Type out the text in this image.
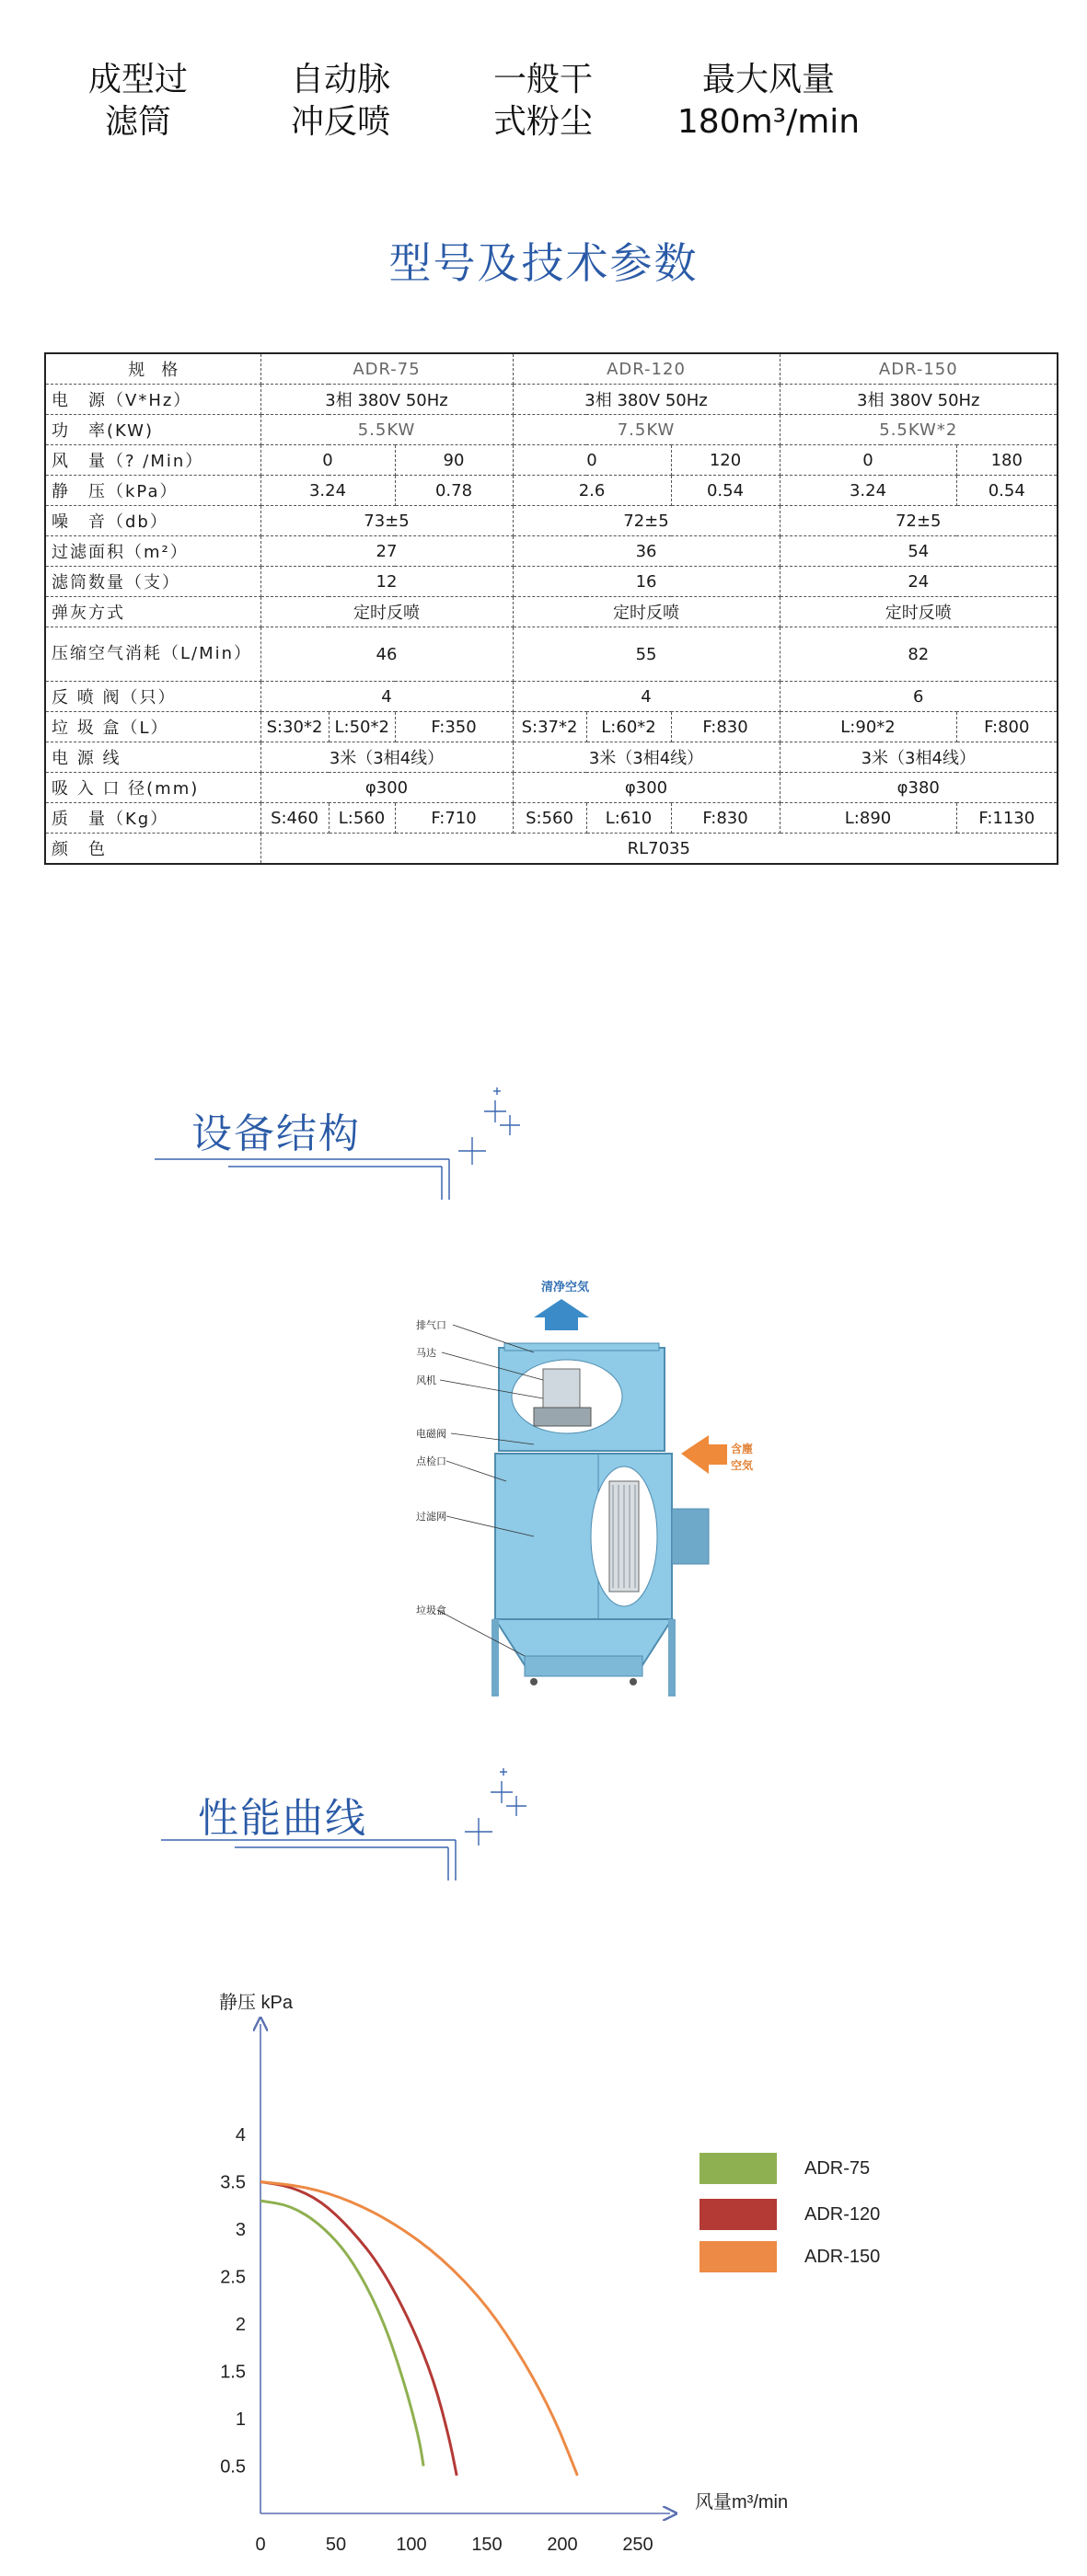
成型过
滤筒
自动脉
冲反喷
一般干
式粉尘
最大风量
180m³/min
型号及技术参数
规　格	ADR-75			ADR-120			ADR-150	
电　源（V*Hz）	3相 380V 50Hz			3相 380V 50Hz			3相 380V 50Hz	
功　率(KW)	5.5KW			7.5KW			5.5KW*2	
风　量（? /Min）	0		90	0		120	0	180
静　压（kPa）	3.24		0.78	2.6		0.54	3.24	0.54
噪　音（db）	73±5			72±5			72±5	
过滤面积（m²）	27			36			54	
滤筒数量（支）	12			16			24	
弹灰方式	定时反喷			定时反喷			定时反喷	
压缩空气消耗（L/Min）	46			55			82	
反 喷 阀（只）	4			4			6	
垃 圾 盒（L）	S:30*2	L:50*2	F:350	S:37*2	L:60*2	F:830	L:90*2	F:800
电 源 线	3米（3相4线）			3米（3相4线）			3米（3相4线）	
吸 入 口 径(mm)	φ300			φ300			φ380	
质　量（Kg）	S:460	L:560	F:710	S:560	L:610	F:830	L:890	F:1130
颜　色	RL7035							
设备结构
清净空気
含塵
空気
排气口
马达
风机
电磁阀
点检口
过滤网
垃圾盒
性能曲线
静压 kPa
风量m³/min
0.5
1
1.5
2
2.5
3
3.5
4
0	50	100 150 200 250
ADR-75
ADR-120
ADR-150
